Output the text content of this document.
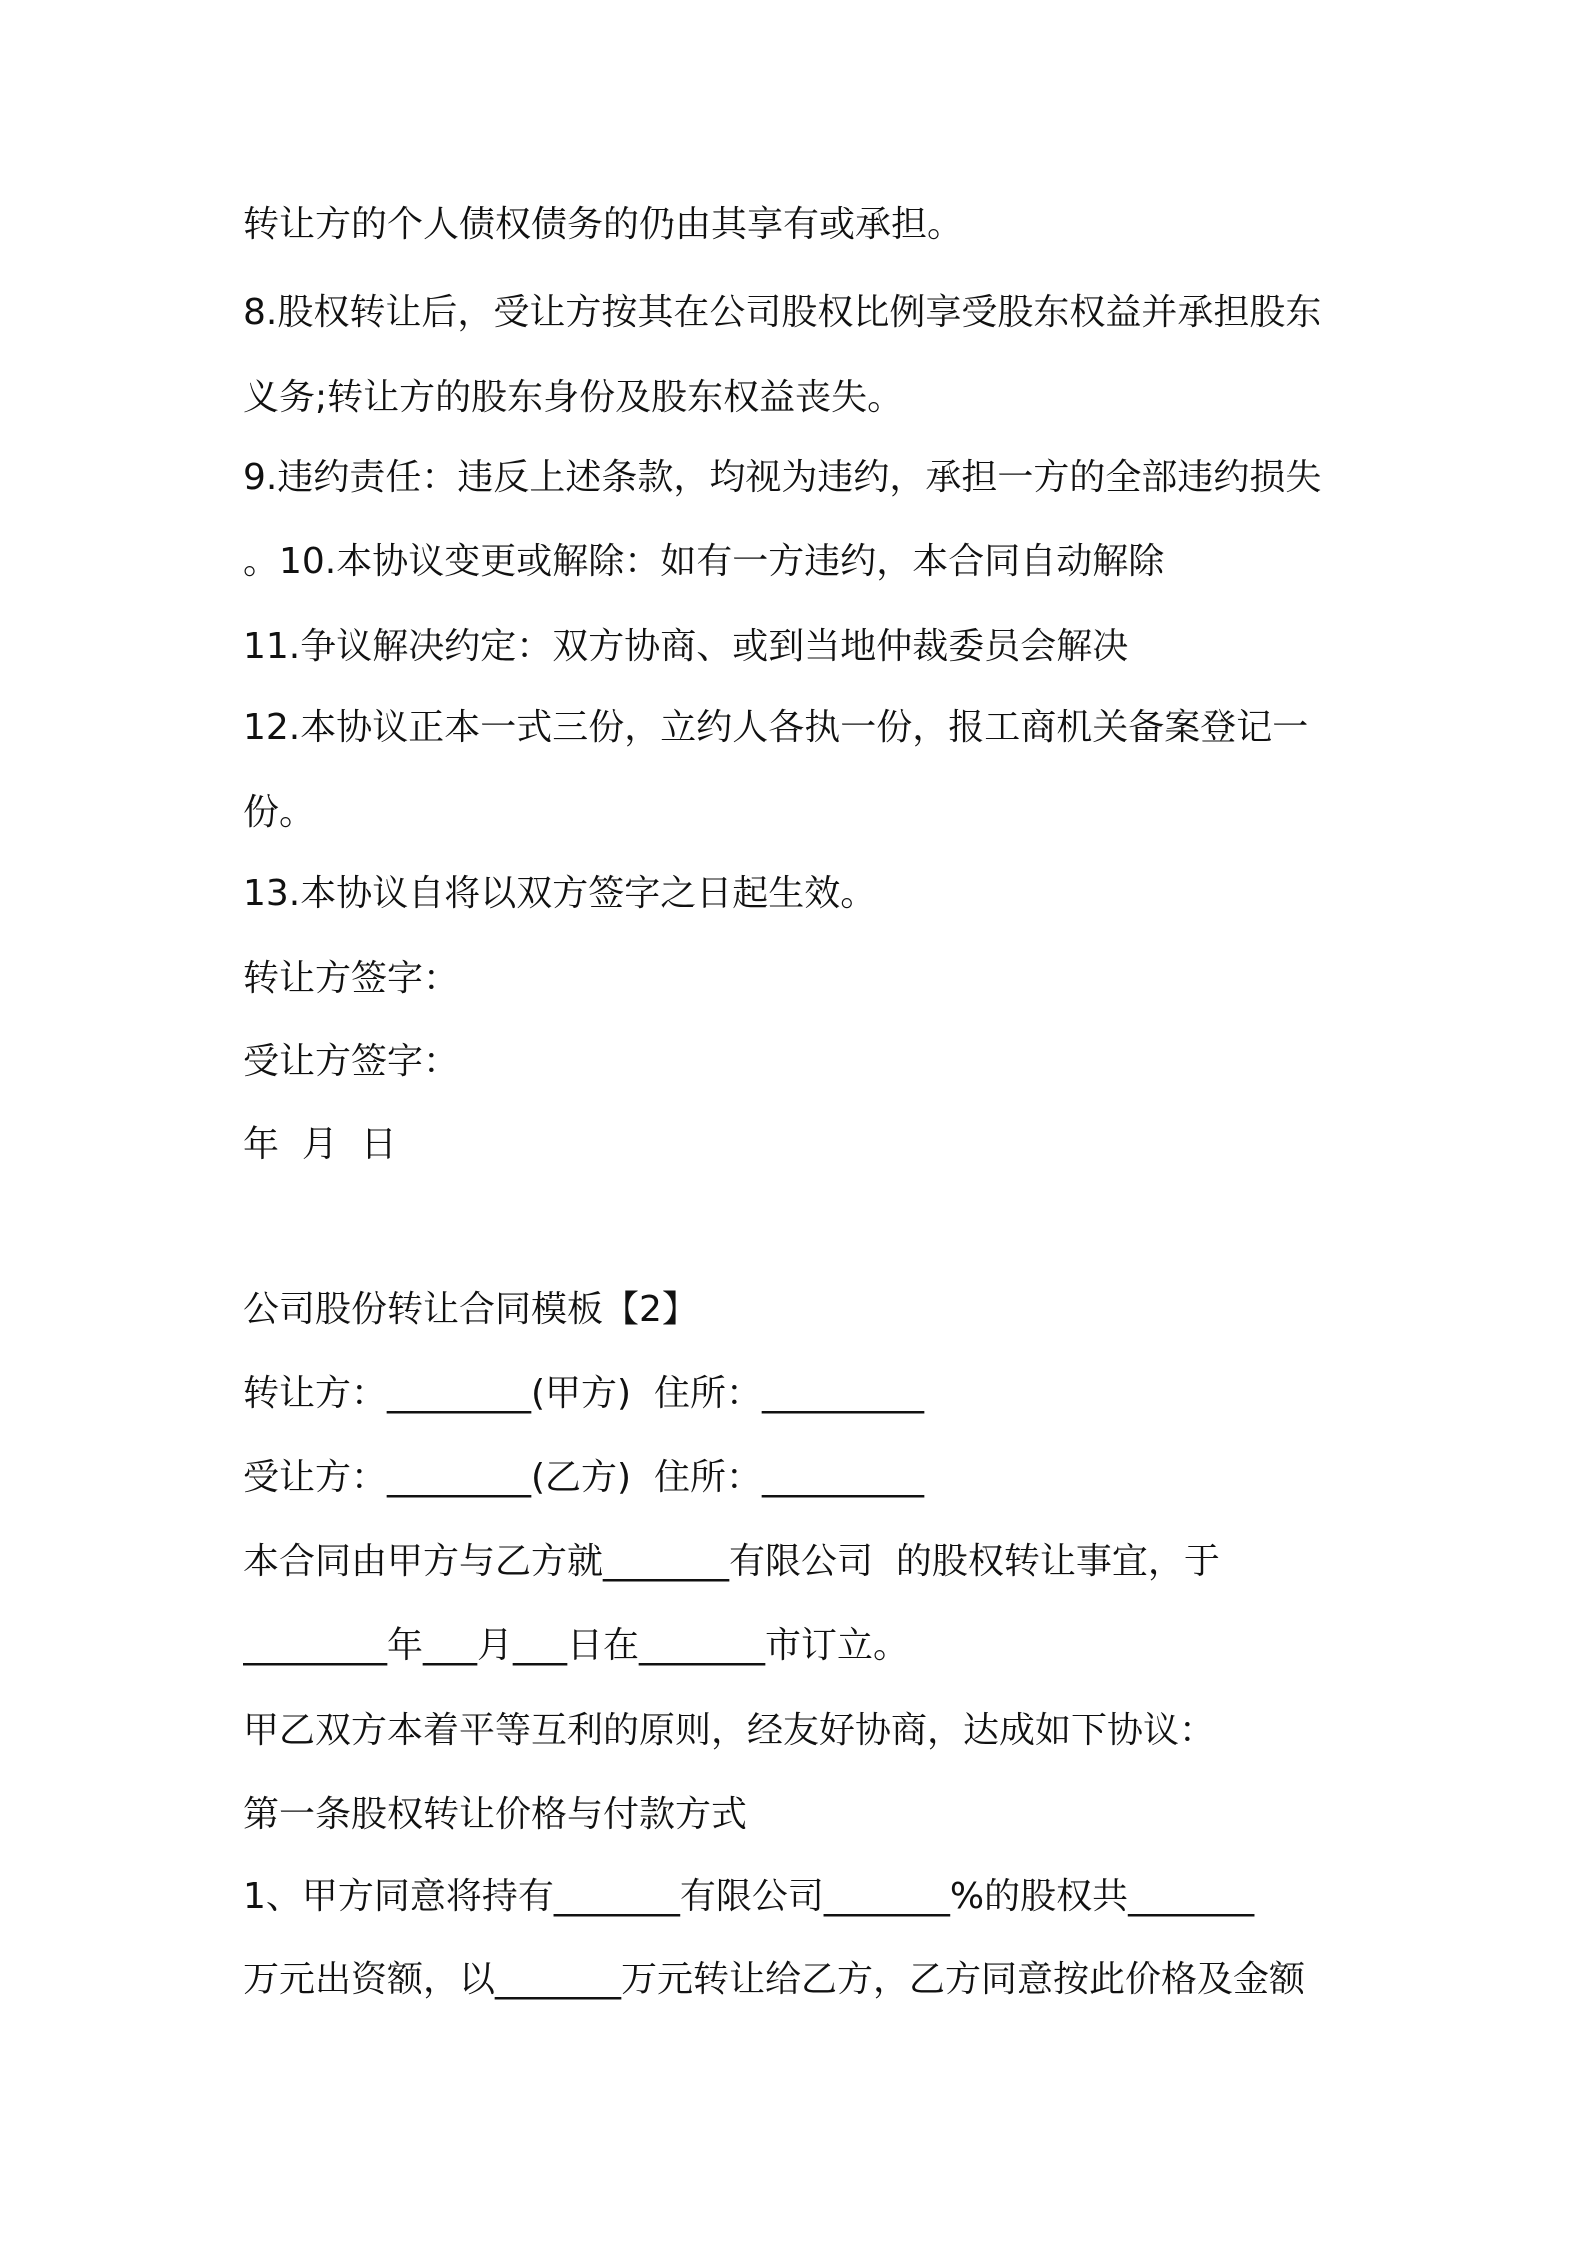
转让方的个人债权债务的仍由其享有或承担。

8.股权转让后，受让方按其在公司股权比例享受股东权益并承担股东

义务;转让方的股东身份及股东权益丧失。

9.违约责任：违反上述条款，均视为违约，承担一方的全部违约损失

。10.本协议变更或解除：如有一方违约，本合同自动解除

11.争议解决约定：双方协商、或到当地仲裁委员会解决

12.本协议正本一式三份，立约人各执一份，报工商机关备案登记一

份。

13.本协议自将以双方签字之日起生效。

转让方签字：

受让方签字：

年  月  日

公司股份转让合同模板【2】

转让方：________(甲方)  住所：_________

受让方：________(乙方)  住所：_________

本合同由甲方与乙方就_______有限公司  的股权转让事宜，于

________年___月___日在_______市订立。

甲乙双方本着平等互利的原则，经友好协商，达成如下协议：

第一条股权转让价格与付款方式

1、甲方同意将持有_______有限公司_______%的股权共_______

万元出资额，以_______万元转让给乙方，乙方同意按此价格及金额
